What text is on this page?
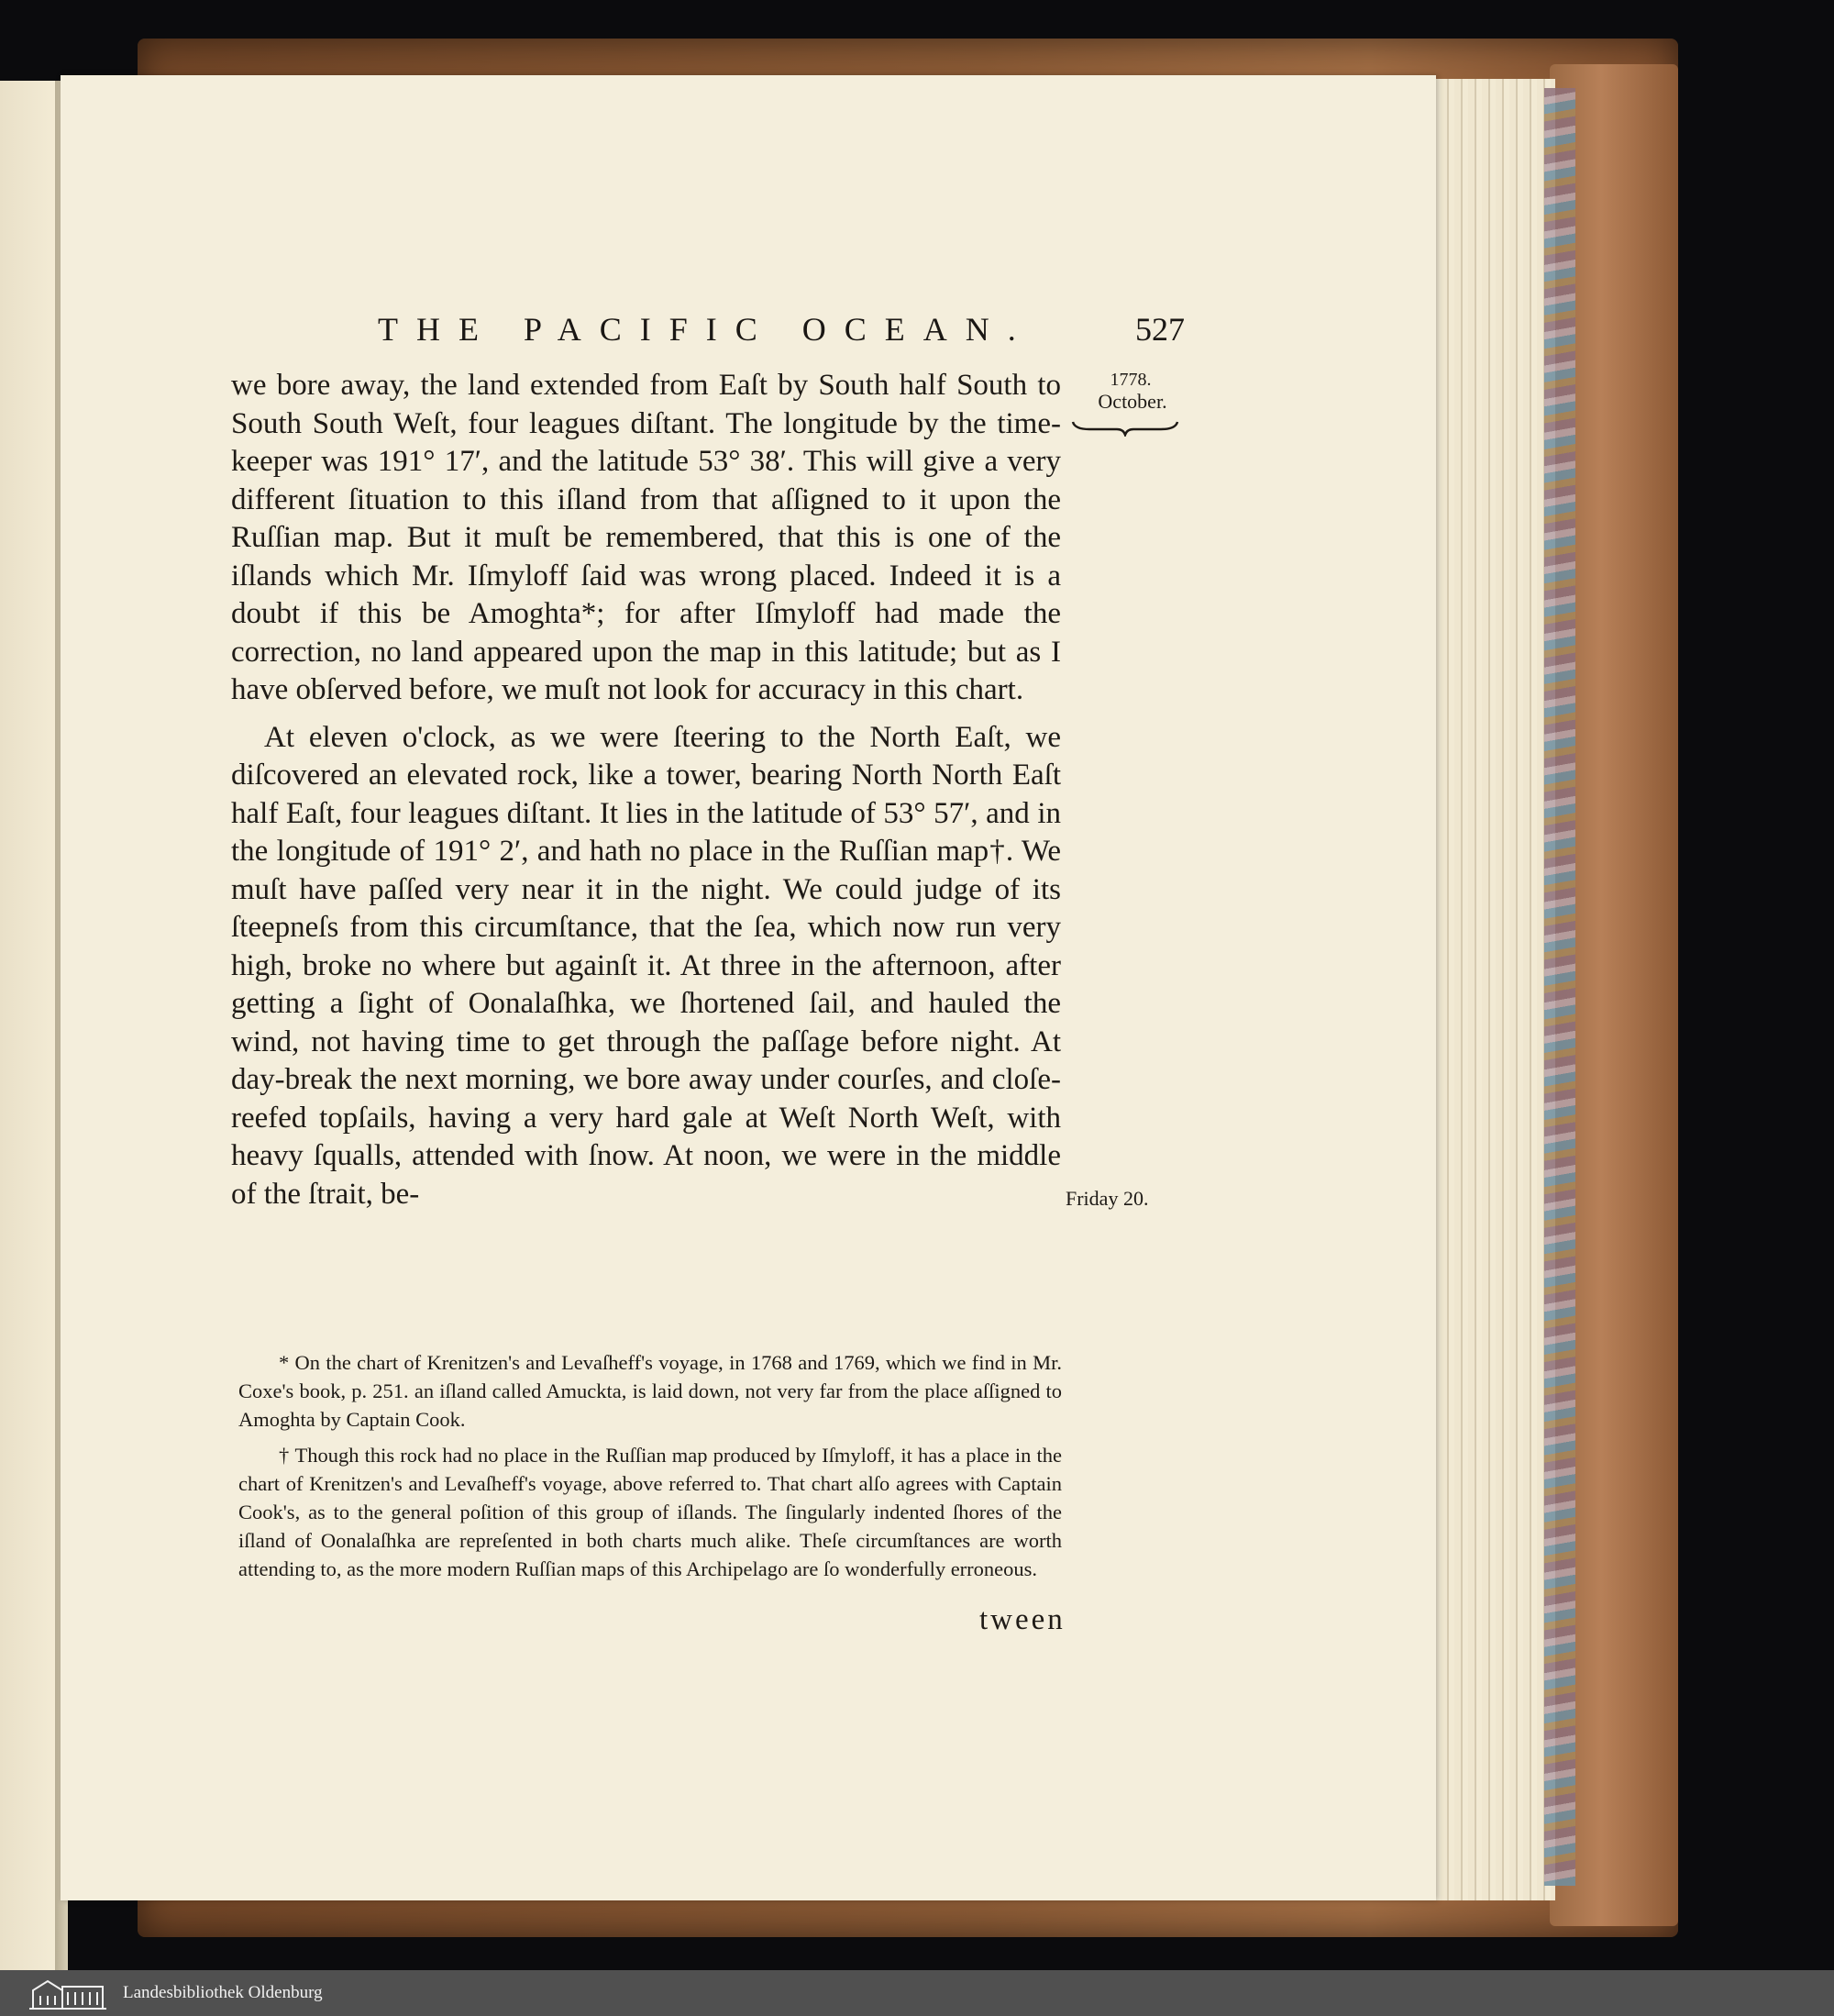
THE PACIFIC OCEAN.	527
1778.
October.

we bore away, the land extended from Eaſt by South half South to South South Weſt, four leagues diſtant. The longitude by the time-keeper was 191° 17′, and the latitude 53° 38′. This will give a very different ſituation to this iſland from that aſſigned to it upon the Ruſſian map. But it muſt be remembered, that this is one of the iſlands which Mr. Iſmyloff ſaid was wrong placed. Indeed it is a doubt if this be Amoghta*; for after Iſmyloff had made the correction, no land appeared upon the map in this latitude; but as I have obſerved before, we muſt not look for accuracy in this chart.

At eleven o'clock, as we were ſteering to the North Eaſt, we diſcovered an elevated rock, like a tower, bearing North North Eaſt half Eaſt, four leagues diſtant. It lies in the latitude of 53° 57′, and in the longitude of 191° 2′, and hath no place in the Ruſſian map†. We muſt have paſſed very near it in the night. We could judge of its ſteepneſs from this circumſtance, that the ſea, which now run very high, broke no where but againſt it. At three in the afternoon, after getting a ſight of Oonalaſhka, we ſhortened ſail, and hauled the wind, not having time to get through the paſſage before night. At day-break the next morning, we bore away under courſes, and cloſe-reefed topſails, having a very hard gale at Weſt North Weſt, with heavy ſqualls, attended with ſnow. At noon, we were in the middle of the ſtrait, be-	Friday 20.

* On the chart of Krenitzen's and Levaſheff's voyage, in 1768 and 1769, which we find in Mr. Coxe's book, p. 251. an iſland called Amuckta, is laid down, not very far from the place aſſigned to Amoghta by Captain Cook.

† Though this rock had no place in the Ruſſian map produced by Iſmyloff, it has a place in the chart of Krenitzen's and Levaſheff's voyage, above referred to. That chart alſo agrees with Captain Cook's, as to the general poſition of this group of iſlands. The ſingularly indented ſhores of the iſland of Oonalaſhka are repreſented in both charts much alike. Theſe circumſtances are worth attending to, as the more modern Ruſſian maps of this Archipelago are ſo wonderfully erroneous.

tween
Landesbibliothek Oldenburg
